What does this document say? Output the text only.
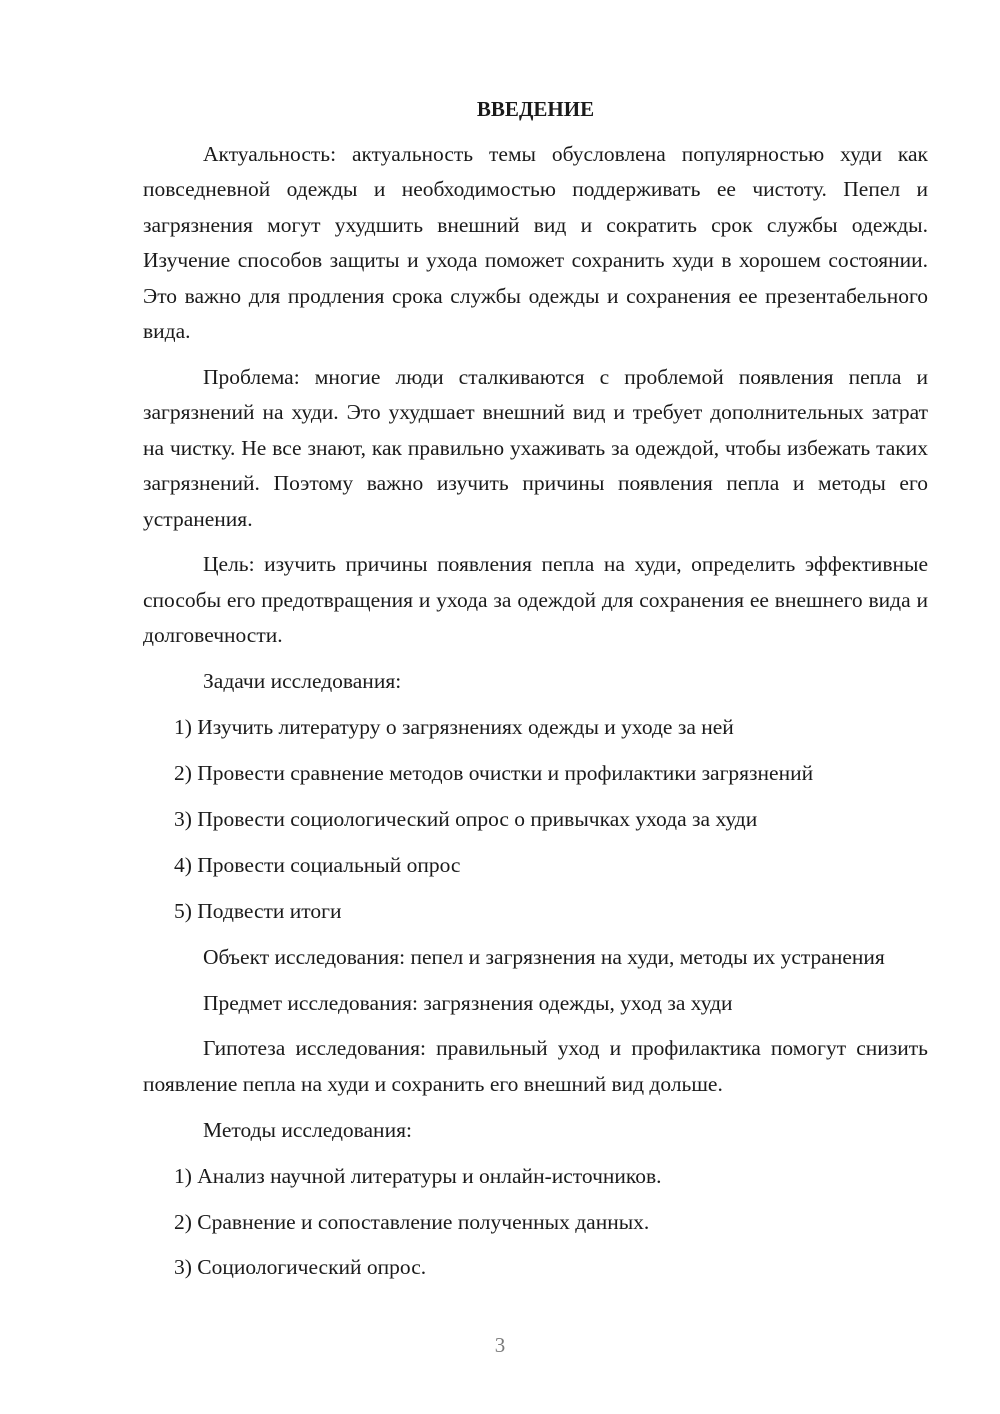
ВВЕДЕНИЕ

Актуальность: актуальность темы обусловлена популярностью худи как повседневной одежды и необходимостью поддерживать ее чистоту. Пепел и загрязнения могут ухудшить внешний вид и сократить срок службы одежды. Изучение способов защиты и ухода поможет сохранить худи в хорошем состоянии. Это важно для продления срока службы одежды и сохранения ее презентабельного вида.

Проблема: многие люди сталкиваются с проблемой появления пепла и загрязнений на худи. Это ухудшает внешний вид и требует дополнительных затрат на чистку. Не все знают, как правильно ухаживать за одеждой, чтобы избежать таких загрязнений. Поэтому важно изучить причины появления пепла и методы его устранения.

Цель: изучить причины появления пепла на худи, определить эффективные способы его предотвращения и ухода за одеждой для сохранения ее внешнего вида и долговечности.

Задачи исследования:
1) Изучить литературу о загрязнениях одежды и уходе за ней
2) Провести сравнение методов очистки и профилактики загрязнений
3) Провести социологический опрос о привычках ухода за худи
4) Провести социальный опрос
5) Подвести итоги

Объект исследования: пепел и загрязнения на худи, методы их устранения

Предмет исследования: загрязнения одежды, уход за худи

Гипотеза исследования: правильный уход и профилактика помогут снизить появление пепла на худи и сохранить его внешний вид дольше.

Методы исследования:
1) Анализ научной литературы и онлайн-источников.
2) Сравнение и сопоставление полученных данных.
3) Социологический опрос.
3
